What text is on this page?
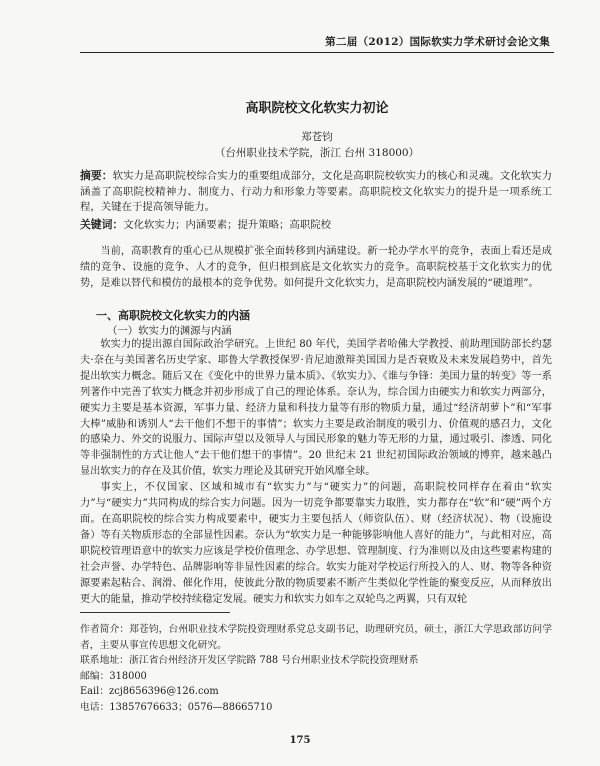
第二届（2012）国际软实力学术研讨会论文集
高职院校文化软实力初论
郑苍钧
（台州职业技术学院，浙江 台州 318000）
摘要：软实力是高职院校综合实力的重要组成部分，文化是高职院校软实力的核心和灵魂。文化软实力涵盖了高职院校精神力、制度力、行动力和形象力等要素。高职院校文化软实力的提升是一项系统工程，关键在于提高领导能力。
关键词：文化软实力；内涵要素；提升策略；高职院校
当前，高职教育的重心已从规模扩张全面转移到内涵建设。新一轮办学水平的竞争，表面上看还是成绩的竞争、设施的竞争、人才的竞争，但归根到底是文化软实力的竞争。高职院校基于文化软实力的优势，是难以替代和模仿的最根本的竞争优势。如何提升文化软实力，是高职院校内涵发展的“硬道理”。
一、高职院校文化软实力的内涵
（一）软实力的渊源与内涵

软实力的提出源自国际政治学研究。上世纪 80 年代，美国学者哈佛大学教授、前助理国防部长约瑟夫·奈在与美国著名历史学家、耶鲁大学教授保罗·肯尼迪激辩美国国力是否衰败及未来发展趋势中，首先提出软实力概念。随后又在《变化中的世界力量本质》、《软实力》、《谁与争锋：美国力量的转变》等一系列著作中完善了软实力概念并初步形成了自己的理论体系。奈认为，综合国力由硬实力和软实力两部分，硬实力主要是基本资源，军事力量、经济力量和科技力量等有形的物质力量，通过“经济胡萝卜”和“军事大棒”威胁和诱别人“去干他们不想干的事情”；软实力主要是政治制度的吸引力、价值观的感召力，文化的感染力、外交的说服力、国际声望以及领导人与国民形象的魅力等无形的力量，通过吸引、渗透、同化等非强制性的方式让他人“去干他们想干的事情”。20 世纪末 21 世纪初国际政治领域的博弈，越来越凸显出软实力的存在及其价值，软实力理论及其研究开始风靡全球。

事实上，不仅国家、区域和城市有“软实力”与“硬实力”的问题，高职院校同样存在着由“软实力”与“硬实力”共同构成的综合实力问题。因为一切竞争都要靠实力取胜，实力都存在“软”和“硬”两个方面。在高职院校的综合实力构成要素中，硬实力主要包括人（师资队伍）、财（经济状况）、物（设施设备）等有关物质形态的全部显性因素。奈认为“软实力是一种能够影响他人喜好的能力”，与此相对应，高职院校管理语意中的软实力应该是学校价值理念、办学思想、管理制度、行为准则以及由这些要素构建的社会声誉、办学特色、品牌影响等非显性因素的综合。软实力能对学校运行所投入的人、财、物等各种资源要素起粘合、润滑、催化作用，使彼此分散的物质要素不断产生类似化学性能的聚变反应，从而释放出更大的能量，推动学校持续稳定发展。硬实力和软实力如车之双轮鸟之两翼，只有双轮

作者简介：郑苍钧，台州职业技术学院投资理财系党总支副书记，助理研究员，硕士，浙江大学思政部访问学者，主要从事宣传思想文化研究。
联系地址：浙江省台州经济开发区学院路 788 号台州职业技术学院投资理财系
邮编：318000
Eail：zcj8656396@126.com
电话：13857676633；0576—88665710
175
